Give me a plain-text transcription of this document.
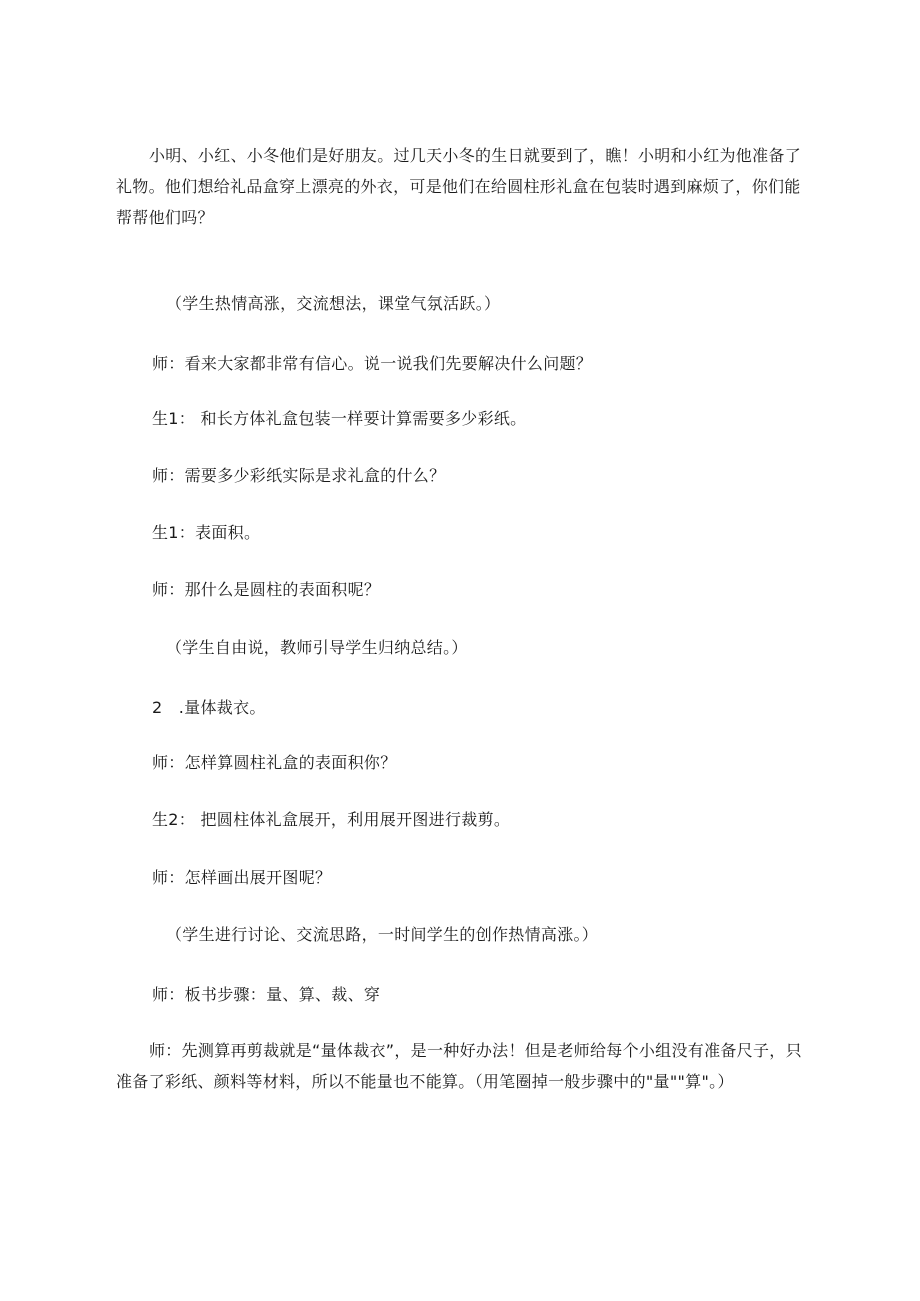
小明、小红、小冬他们是好朋友。过几天小冬的生日就要到了，瞧！小明和小红为他准备了礼物。他们想给礼品盒穿上漂亮的外衣，可是他们在给圆柱形礼盒在包装时遇到麻烦了，你们能帮帮他们吗？

（学生热情高涨，交流想法，课堂气氛活跃。）
师：看来大家都非常有信心。说一说我们先要解决什么问题？
生1： 和长方体礼盒包装一样要计算需要多少彩纸。
师：需要多少彩纸实际是求礼盒的什么？
生1：表面积。
师：那什么是圆柱的表面积呢？
（学生自由说，教师引导学生归纳总结。）
2　.量体裁衣。
师：怎样算圆柱礼盒的表面积你？
生2： 把圆柱体礼盒展开，利用展开图进行裁剪。
师：怎样画出展开图呢？
（学生进行讨论、交流思路，一时间学生的创作热情高涨。）
师：板书步骤：量、算、裁、穿

师：先测算再剪裁就是“量体裁衣”，是一种好办法！但是老师给每个小组没有准备尺子，只准备了彩纸、颜料等材料，所以不能量也不能算。（用笔圈掉一般步骤中的"量""算"。）
